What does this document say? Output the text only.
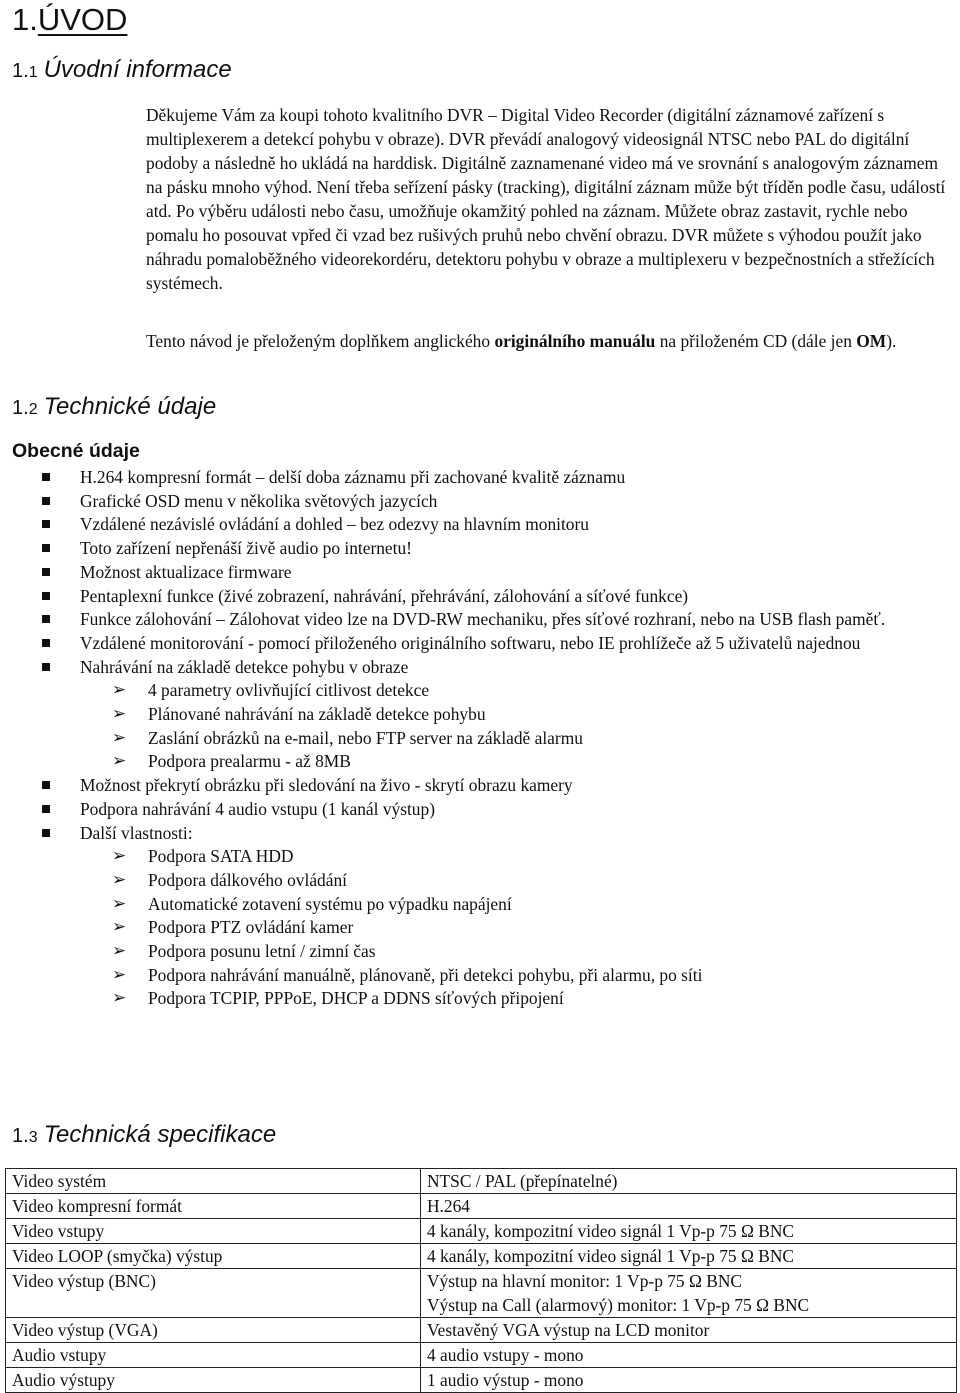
1.ÚVOD
1.1 Úvodní informace
Děkujeme Vám za koupi tohoto kvalitního DVR – Digital Video Recorder (digitální záznamové zařízení s multiplexerem a detekcí pohybu v obraze). DVR převádí analogový videosignál NTSC nebo PAL do digitální podoby a následně ho ukládá na harddisk. Digitálně zaznamenané video má ve srovnání s analogovým záznamem na pásku mnoho výhod. Není třeba seřízení pásky (tracking), digitální záznam může být tříděn podle času, událostí atd. Po výběru události nebo času, umožňuje okamžitý pohled na záznam. Můžete obraz zastavit, rychle nebo pomalu ho posouvat vpřed či vzad bez rušivých pruhů nebo chvění obrazu. DVR můžete s výhodou použít jako náhradu pomaloběžného videorekordéru, detektoru pohybu v obraze a multiplexeru v bezpečnostních a střežících systémech.
Tento návod je přeloženým doplňkem anglického originálního manuálu na přiloženém CD (dále jen OM).
1.2 Technické údaje
Obecné údaje
H.264 kompresní formát – delší doba záznamu při zachované kvalitě záznamu
Grafické OSD menu v několika světových jazycích
Vzdálené nezávislé ovládání a dohled – bez odezvy na hlavním monitoru
Toto zařízení nepřenáší živě audio po internetu!
Možnost aktualizace firmware
Pentaplexní funkce (živé zobrazení, nahrávání, přehrávání, zálohování a síťové funkce)
Funkce zálohování – Zálohovat video lze na DVD-RW mechaniku, přes síťové rozhraní, nebo na USB flash paměť.
Vzdálené monitorování - pomocí přiloženého originálního softwaru, nebo IE prohlížeče až 5 uživatelů najednou
Nahrávání na základě detekce pohybu v obraze
➢ 4 parametry ovlivňující citlivost detekce
➢ Plánované nahrávání na základě detekce pohybu
➢ Zaslání obrázků na e-mail, nebo FTP server na základě alarmu
➢ Podpora prealarmu - až 8MB
Možnost překrytí obrázku při sledování na živo - skrytí obrazu kamery
Podpora nahrávání 4 audio vstupu (1 kanál výstup)
Další vlastnosti:
➢ Podpora SATA HDD
➢ Podpora dálkového ovládání
➢ Automatické zotavení systému po výpadku napájení
➢ Podpora PTZ ovládání kamer
➢ Podpora posunu letní / zimní čas
➢ Podpora nahrávání manuálně, plánovaně, při detekci pohybu, při alarmu, po síti
➢ Podpora TCPIP, PPPoE, DHCP a DDNS síťových připojení
1.3 Technická specifikace
Video systém	NTSC / PAL (přepínatelné)
Video kompresní formát	H.264
Video vstupy	4 kanály, kompozitní video signál 1 Vp-p 75 Ω BNC
Video LOOP (smyčka) výstup	4 kanály, kompozitní video signál 1 Vp-p 75 Ω BNC
Video výstup (BNC)	Výstup na hlavní monitor: 1 Vp-p 75 Ω BNC
Výstup na Call (alarmový) monitor: 1 Vp-p 75 Ω BNC

Video výstup (VGA)	Vestavěný VGA výstup na LCD monitor
Audio vstupy	4 audio vstupy - mono
Audio výstupy	1 audio výstup - mono
